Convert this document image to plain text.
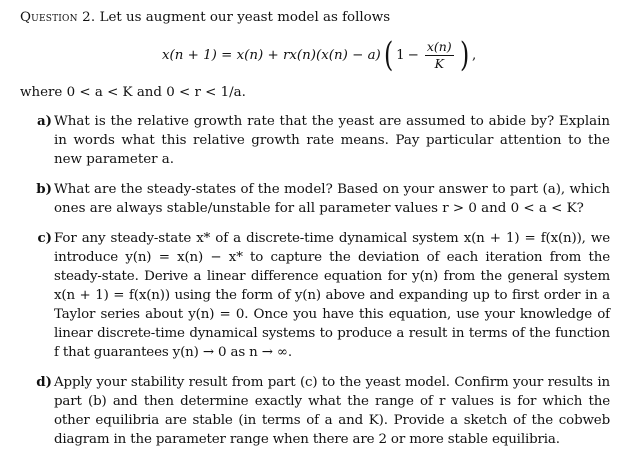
Question 2. Let us augment our yeast model as follows

x(n + 1) = x(n) + rx(n)(x(n) − a) ( $1 - \frac{x(n)}{K}$ ) ,

where 0 < a < K and 0 < r < 1/a.

a) What is the relative growth rate that the yeast are assumed to abide by? Explain in words what this relative growth rate means. Pay particular attention to the new parameter a.
b) What are the steady-states of the model? Based on your answer to part (a), which ones are always stable/unstable for all parameter values r > 0 and 0 < a < K?
c) For any steady-state x* of a discrete-time dynamical system x(n + 1) = f(x(n)), we introduce y(n) = x(n) − x* to capture the deviation of each iteration from the steady-state. Derive a linear difference equation for y(n) from the general system x(n + 1) = f(x(n)) using the form of y(n) above and expanding up to first order in a Taylor series about y(n) = 0. Once you have this equation, use your knowledge of linear discrete-time dynamical systems to produce a result in terms of the function f that guarantees y(n) → 0 as n → ∞.
d) Apply your stability result from part (c) to the yeast model. Confirm your results in part (b) and then determine exactly what the range of r values is for which the other equilibria are stable (in terms of a and K). Provide a sketch of the cobweb diagram in the parameter range when there are 2 or more stable equilibria.
